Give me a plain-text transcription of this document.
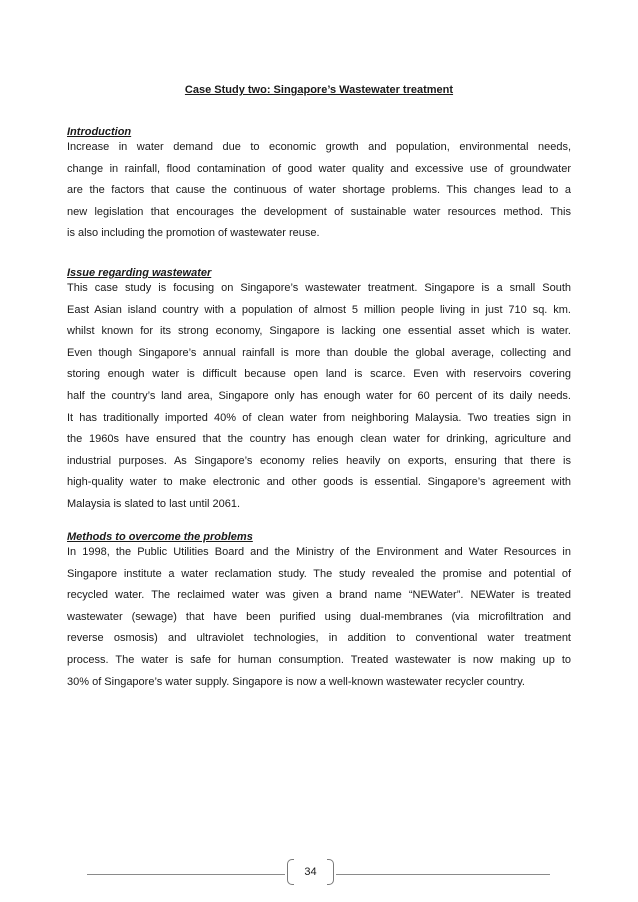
Case Study two: Singapore’s Wastewater treatment
Introduction
Increase in water demand due to economic growth and population, environmental needs,
change in rainfall, flood contamination of good water quality and excessive use of groundwater
are the factors that cause the continuous of water shortage problems. This changes lead to a
new legislation that encourages the development of sustainable water resources method. This
is also including the promotion of wastewater reuse.
Issue regarding wastewater
This case study is focusing on Singapore’s wastewater treatment. Singapore is a small South
East Asian island country with a population of almost 5 million people living in just 710 sq. km.
whilst known for its strong economy, Singapore is lacking one essential asset which is water.
Even though Singapore’s annual rainfall is more than double the global average, collecting and
storing enough water is difficult because open land is scarce. Even with reservoirs covering
half the country’s land area, Singapore only has enough water for 60 percent of its daily needs.
It has traditionally imported 40% of clean water from neighboring Malaysia. Two treaties sign in
the 1960s have ensured that the country has enough clean water for drinking, agriculture and
industrial purposes. As Singapore’s economy relies heavily on exports, ensuring that there is
high-quality water to make electronic and other goods is essential. Singapore’s agreement with
Malaysia is slated to last until 2061.
Methods to overcome the problems
In 1998, the Public Utilities Board and the Ministry of the Environment and Water Resources in
Singapore institute a water reclamation study. The study revealed the promise and potential of
recycled water. The reclaimed water was given a brand name “NEWater”. NEWater is treated
wastewater (sewage) that have been purified using dual-membranes (via microfiltration and
reverse osmosis) and ultraviolet technologies, in addition to conventional water treatment
process. The water is safe for human consumption. Treated wastewater is now making up to
30% of Singapore’s water supply. Singapore is now a well-known wastewater recycler country.
34
